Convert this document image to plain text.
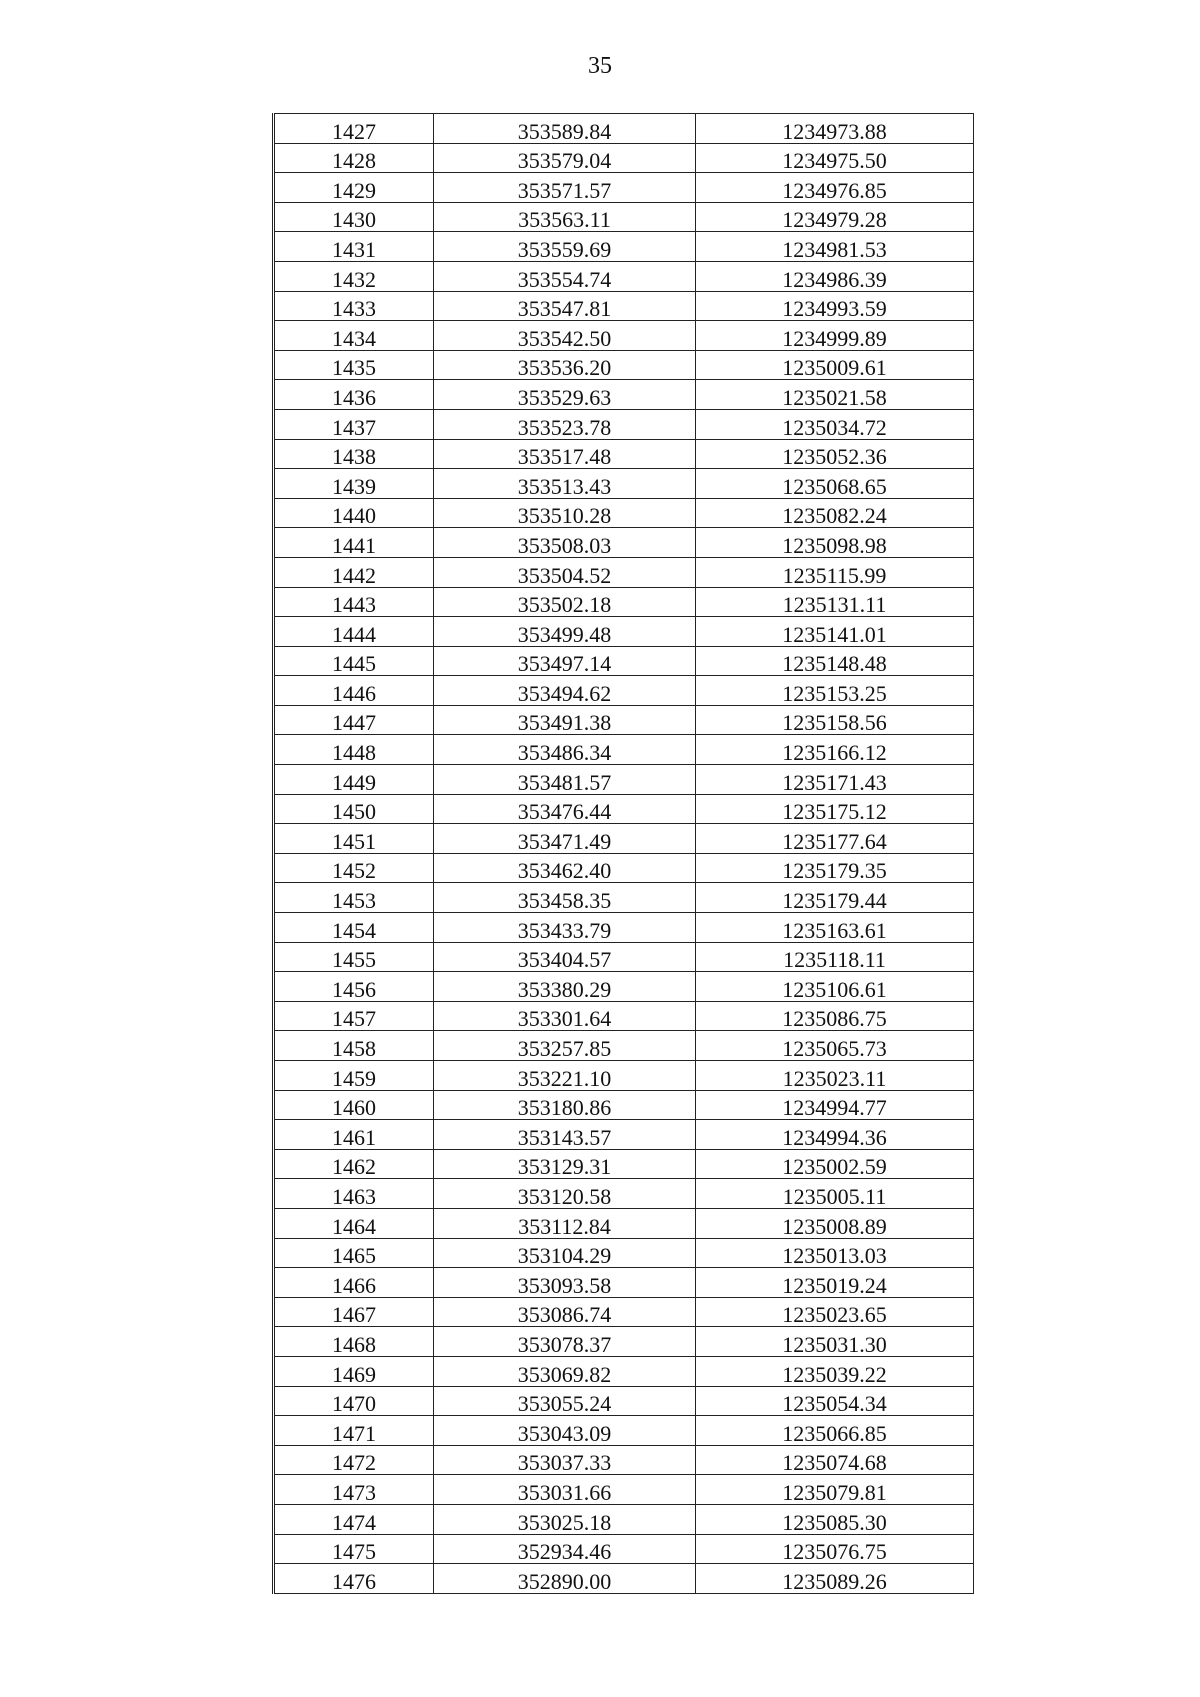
35
1427	353589.84	1234973.88
1428	353579.04	1234975.50
1429	353571.57	1234976.85
1430	353563.11	1234979.28
1431	353559.69	1234981.53
1432	353554.74	1234986.39
1433	353547.81	1234993.59
1434	353542.50	1234999.89
1435	353536.20	1235009.61
1436	353529.63	1235021.58
1437	353523.78	1235034.72
1438	353517.48	1235052.36
1439	353513.43	1235068.65
1440	353510.28	1235082.24
1441	353508.03	1235098.98
1442	353504.52	1235115.99
1443	353502.18	1235131.11
1444	353499.48	1235141.01
1445	353497.14	1235148.48
1446	353494.62	1235153.25
1447	353491.38	1235158.56
1448	353486.34	1235166.12
1449	353481.57	1235171.43
1450	353476.44	1235175.12
1451	353471.49	1235177.64
1452	353462.40	1235179.35
1453	353458.35	1235179.44
1454	353433.79	1235163.61
1455	353404.57	1235118.11
1456	353380.29	1235106.61
1457	353301.64	1235086.75
1458	353257.85	1235065.73
1459	353221.10	1235023.11
1460	353180.86	1234994.77
1461	353143.57	1234994.36
1462	353129.31	1235002.59
1463	353120.58	1235005.11
1464	353112.84	1235008.89
1465	353104.29	1235013.03
1466	353093.58	1235019.24
1467	353086.74	1235023.65
1468	353078.37	1235031.30
1469	353069.82	1235039.22
1470	353055.24	1235054.34
1471	353043.09	1235066.85
1472	353037.33	1235074.68
1473	353031.66	1235079.81
1474	353025.18	1235085.30
1475	352934.46	1235076.75
1476	352890.00	1235089.26
